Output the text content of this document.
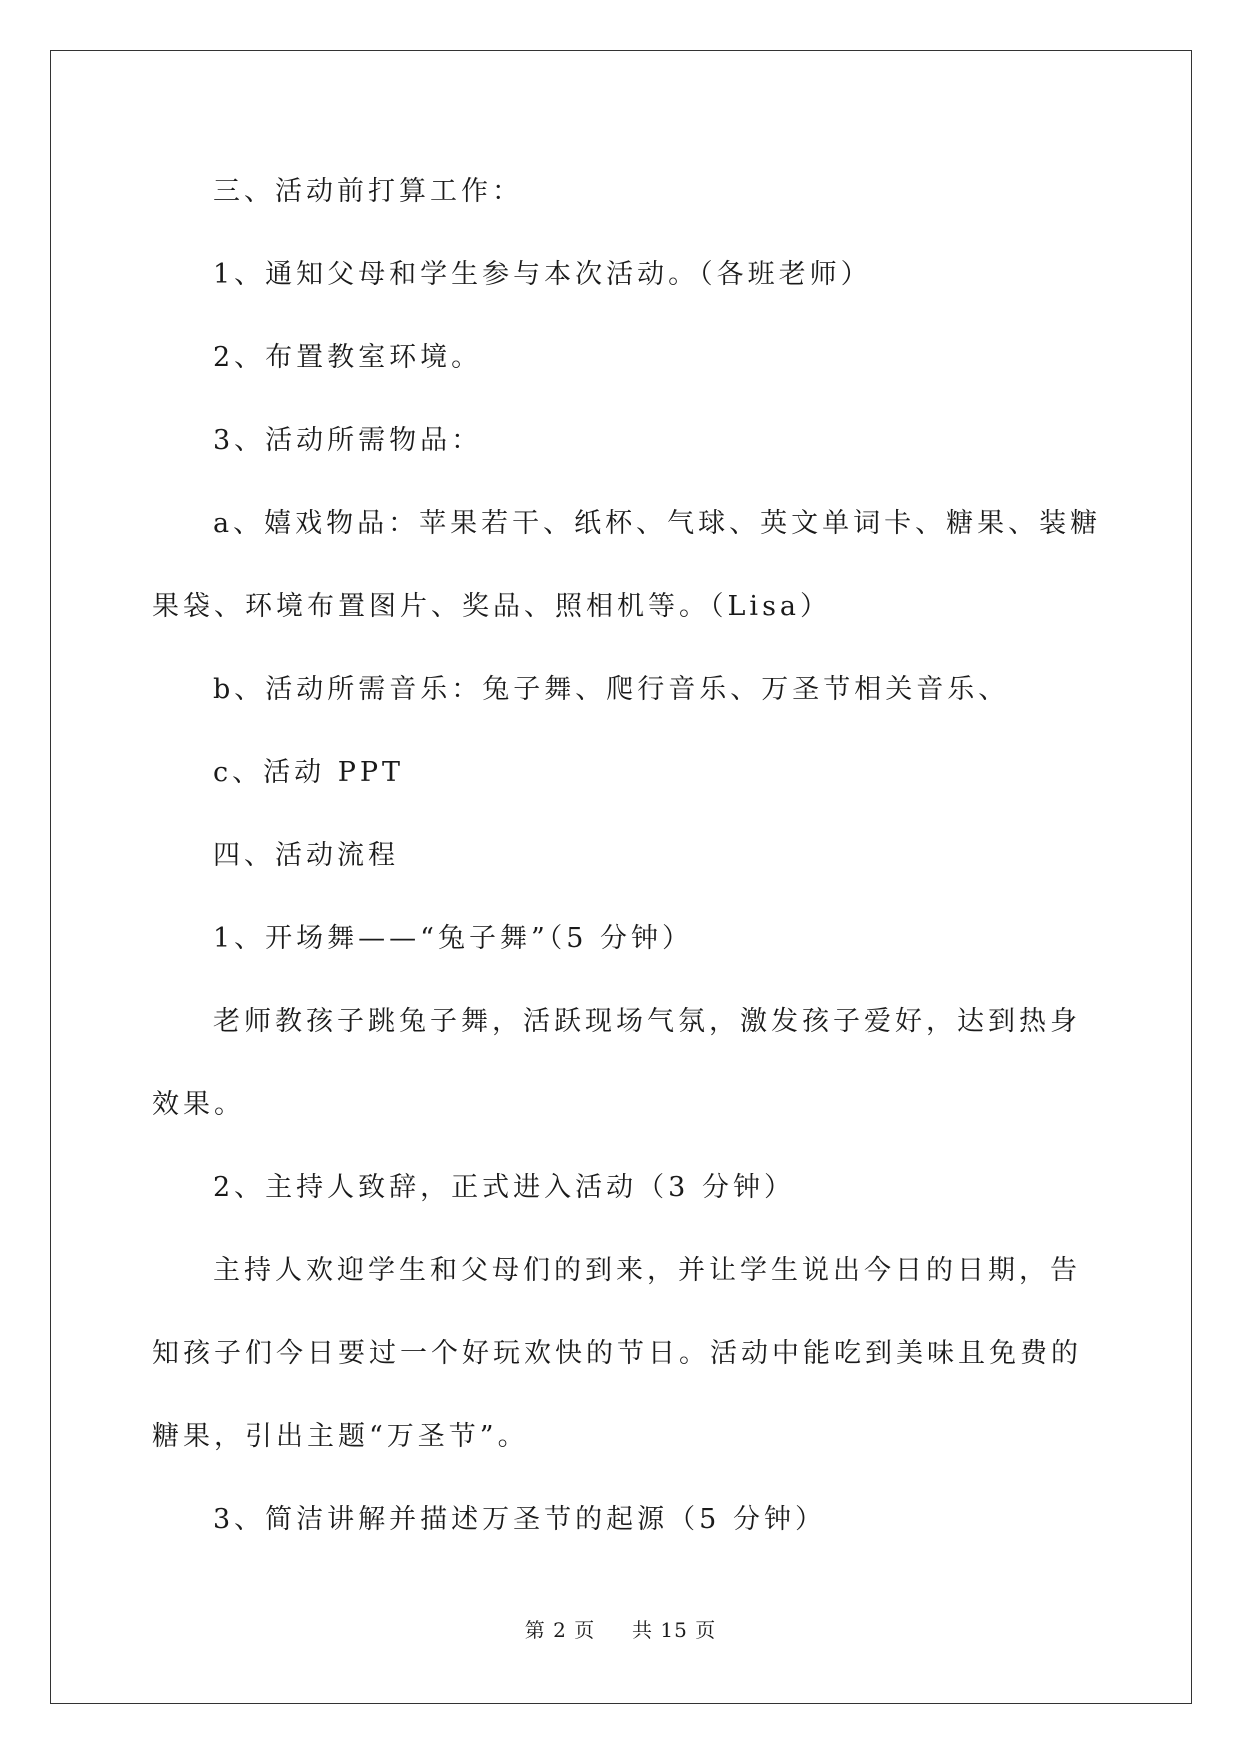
三、活动前打算工作：

1、通知父母和学生参与本次活动。（各班老师）

2、布置教室环境。

3、活动所需物品：

a、嬉戏物品：苹果若干、纸杯、气球、英文单词卡、糖果、装糖

果袋、环境布置图片、奖品、照相机等。（Lisa）

b、活动所需音乐：兔子舞、爬行音乐、万圣节相关音乐、

c、活动 PPT

四、活动流程

1、开场舞——“兔子舞”（5 分钟）

老师教孩子跳兔子舞，活跃现场气氛，激发孩子爱好，达到热身

效果。

2、主持人致辞，正式进入活动（3 分钟）

主持人欢迎学生和父母们的到来，并让学生说出今日的日期，告

知孩子们今日要过一个好玩欢快的节日。活动中能吃到美味且免费的

糖果，引出主题“万圣节”。

3、简洁讲解并描述万圣节的起源（5 分钟）

第 2 页 共 15 页
